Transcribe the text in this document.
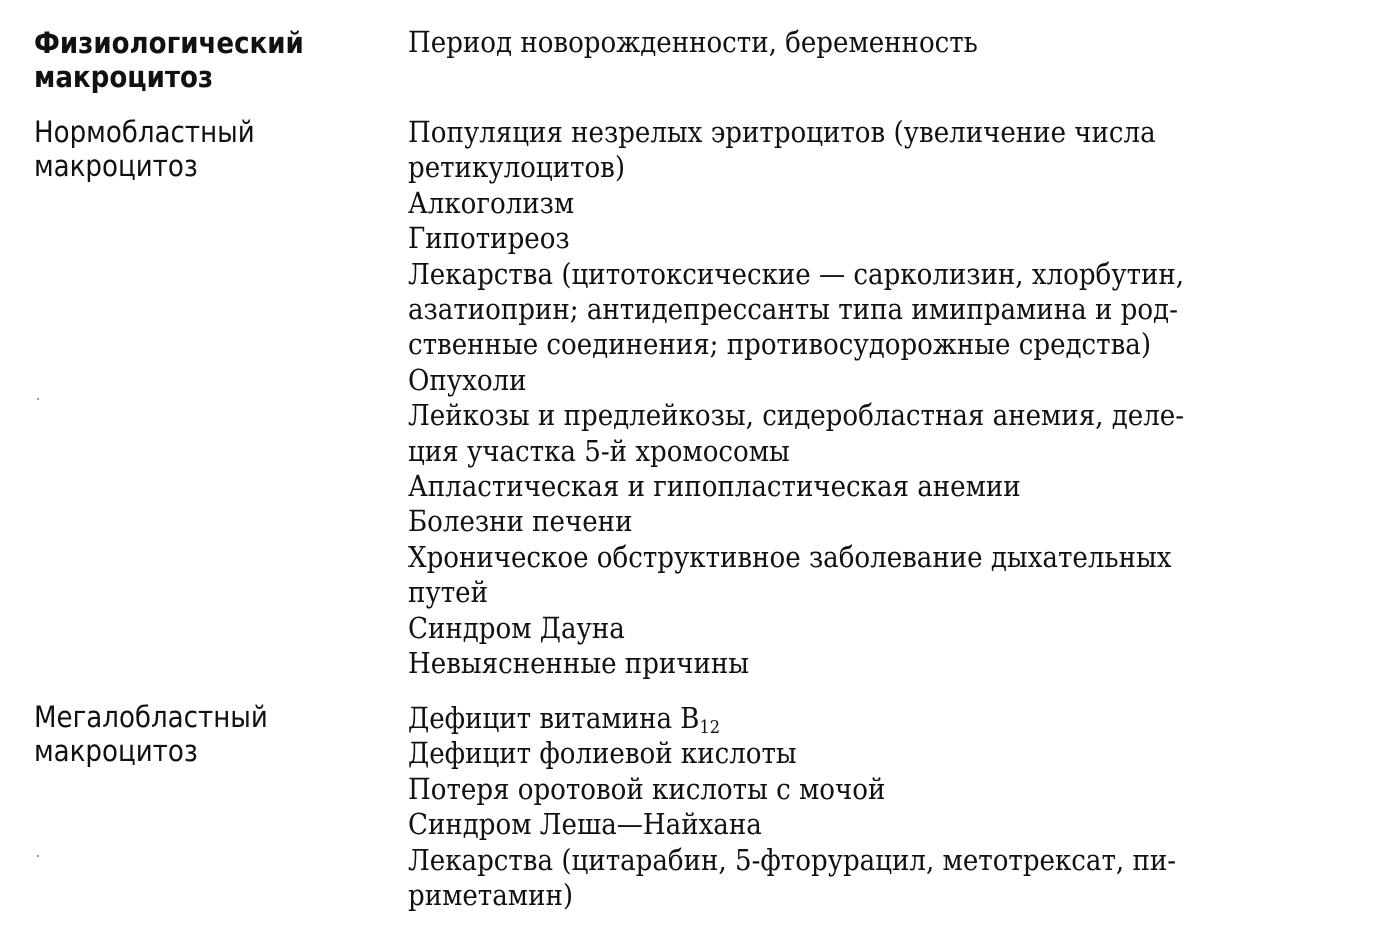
Физиологический
макроцитоз
Период новорожденности, беременность
Нормобластный
макроцитоз
Популяция незрелых эритроцитов (увеличение числа
ретикулоцитов)
Алкоголизм
Гипотиреоз
Лекарства (цитотоксические — сарколизин, хлорбутин,
азатиоприн; антидепрессанты типа имипрамина и род-
ственные соединения; противосудорожные средства)
Опухоли
Лейкозы и предлейкозы, сидеробластная анемия, деле-
ция участка 5-й хромосомы
Апластическая и гипопластическая анемии
Болезни печени
Хроническое обструктивное заболевание дыхательных
путей
Синдром Дауна
Невыясненные причины
Мегалобластный
макроцитоз
Дефицит витамина $B_{12}$
Дефицит фолиевой кислоты
Потеря оротовой кислоты с мочой
Синдром Леша—Найхана
Лекарства (цитарабин, 5-фторурацил, метотрексат, пи-
риметамин)
